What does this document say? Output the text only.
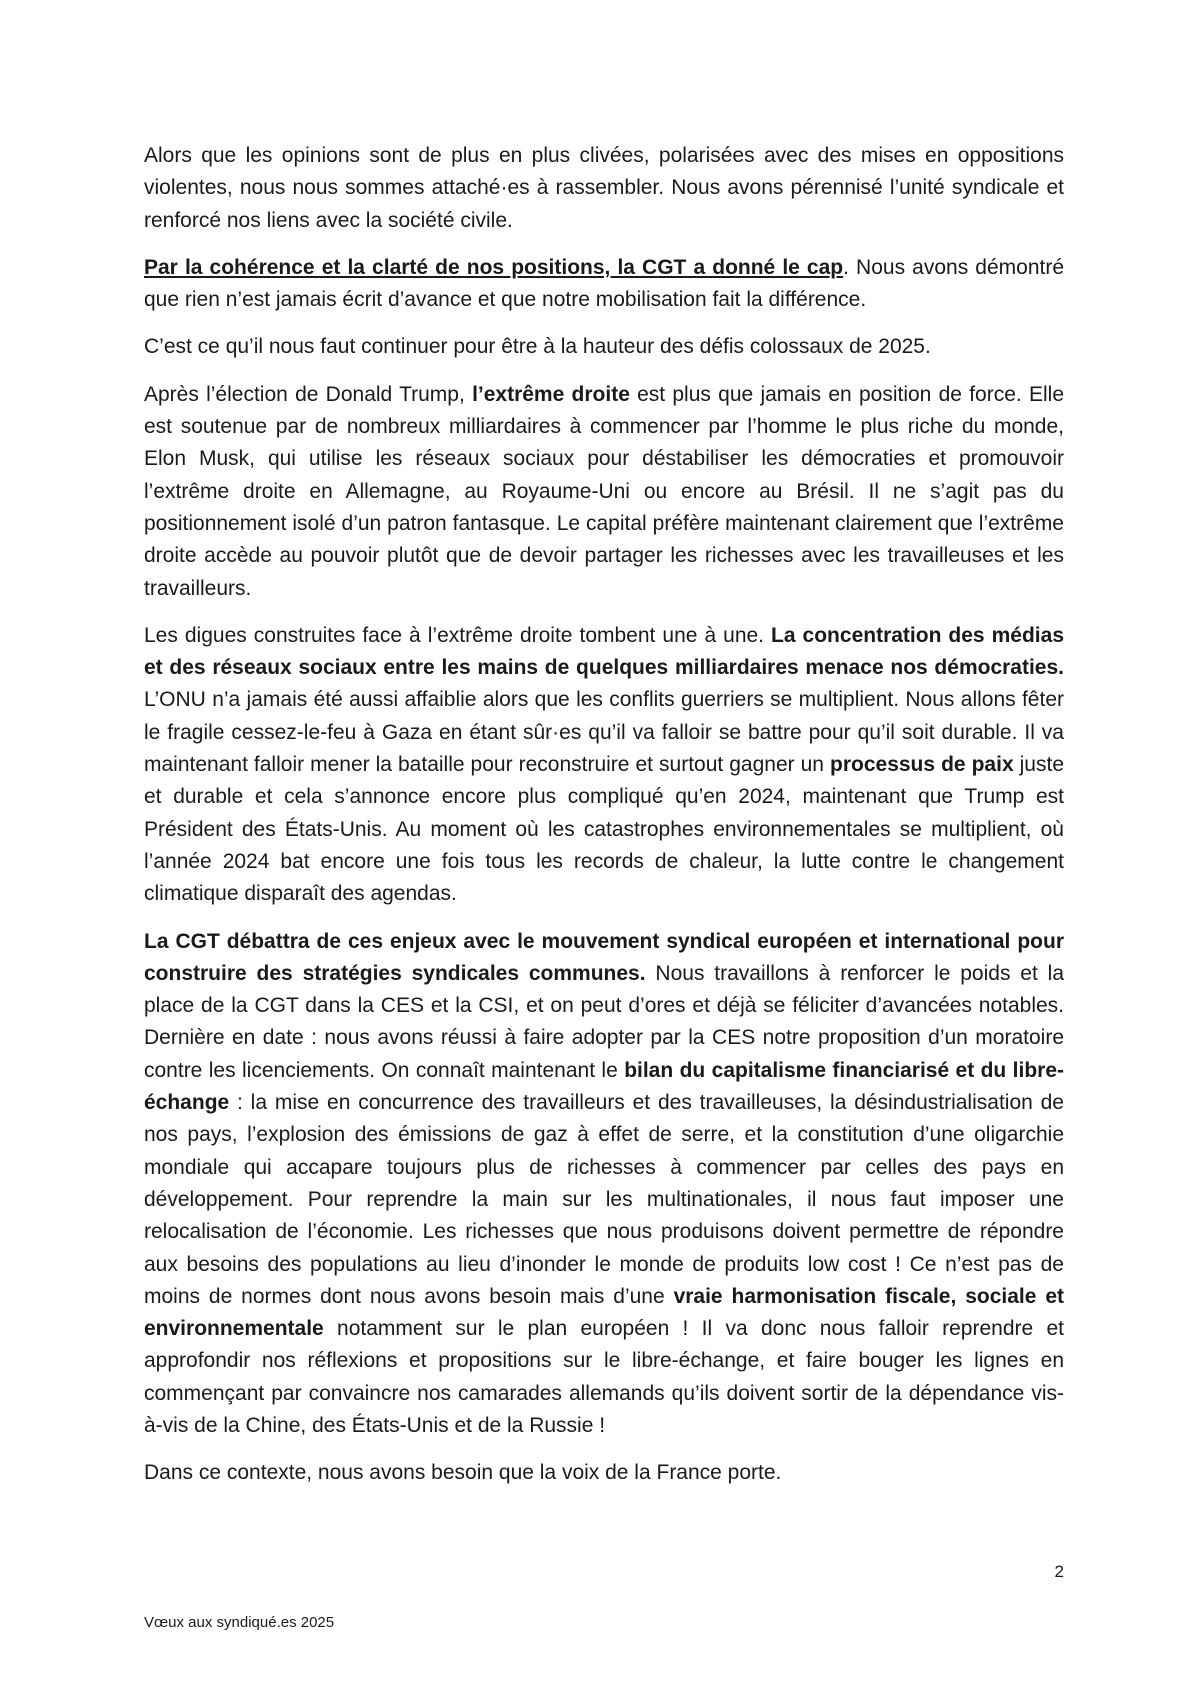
Alors que les opinions sont de plus en plus clivées, polarisées avec des mises en oppositions violentes, nous nous sommes attaché·es à rassembler. Nous avons pérennisé l’unité syndicale et renforcé nos liens avec la société civile.

Par la cohérence et la clarté de nos positions, la CGT a donné le cap. Nous avons démontré que rien n’est jamais écrit d’avance et que notre mobilisation fait la différence.

C’est ce qu’il nous faut continuer pour être à la hauteur des défis colossaux de 2025.

Après l’élection de Donald Trump, l’extrême droite est plus que jamais en position de force. Elle est soutenue par de nombreux milliardaires à commencer par l’homme le plus riche du monde, Elon Musk, qui utilise les réseaux sociaux pour déstabiliser les démocraties et promouvoir l’extrême droite en Allemagne, au Royaume-Uni ou encore au Brésil. Il ne s’agit pas du positionnement isolé d’un patron fantasque. Le capital préfère maintenant clairement que l’extrême droite accède au pouvoir plutôt que de devoir partager les richesses avec les travailleuses et les travailleurs.

Les digues construites face à l’extrême droite tombent une à une. La concentration des médias et des réseaux sociaux entre les mains de quelques milliardaires menace nos démocraties. L’ONU n’a jamais été aussi affaiblie alors que les conflits guerriers se multiplient. Nous allons fêter le fragile cessez-le-feu à Gaza en étant sûr·es qu’il va falloir se battre pour qu’il soit durable. Il va maintenant falloir mener la bataille pour reconstruire et surtout gagner un processus de paix juste et durable et cela s’annonce encore plus compliqué qu’en 2024, maintenant que Trump est Président des États-Unis. Au moment où les catastrophes environnementales se multiplient, où l’année 2024 bat encore une fois tous les records de chaleur, la lutte contre le changement climatique disparaît des agendas.

La CGT débattra de ces enjeux avec le mouvement syndical européen et international pour construire des stratégies syndicales communes. Nous travaillons à renforcer le poids et la place de la CGT dans la CES et la CSI, et on peut d’ores et déjà se féliciter d’avancées notables. Dernière en date : nous avons réussi à faire adopter par la CES notre proposition d’un moratoire contre les licenciements. On connaît maintenant le bilan du capitalisme financiarisé et du libre-échange : la mise en concurrence des travailleurs et des travailleuses, la désindustrialisation de nos pays, l’explosion des émissions de gaz à effet de serre, et la constitution d’une oligarchie mondiale qui accapare toujours plus de richesses à commencer par celles des pays en développement. Pour reprendre la main sur les multinationales, il nous faut imposer une relocalisation de l’économie. Les richesses que nous produisons doivent permettre de répondre aux besoins des populations au lieu d’inonder le monde de produits low cost ! Ce n’est pas de moins de normes dont nous avons besoin mais d’une vraie harmonisation fiscale, sociale et environnementale notamment sur le plan européen ! Il va donc nous falloir reprendre et approfondir nos réflexions et propositions sur le libre-échange, et faire bouger les lignes en commençant par convaincre nos camarades allemands qu’ils doivent sortir de la dépendance vis-à-vis de la Chine, des États-Unis et de la Russie !

Dans ce contexte, nous avons besoin que la voix de la France porte.

2
Vœux aux syndiqué.es 2025
